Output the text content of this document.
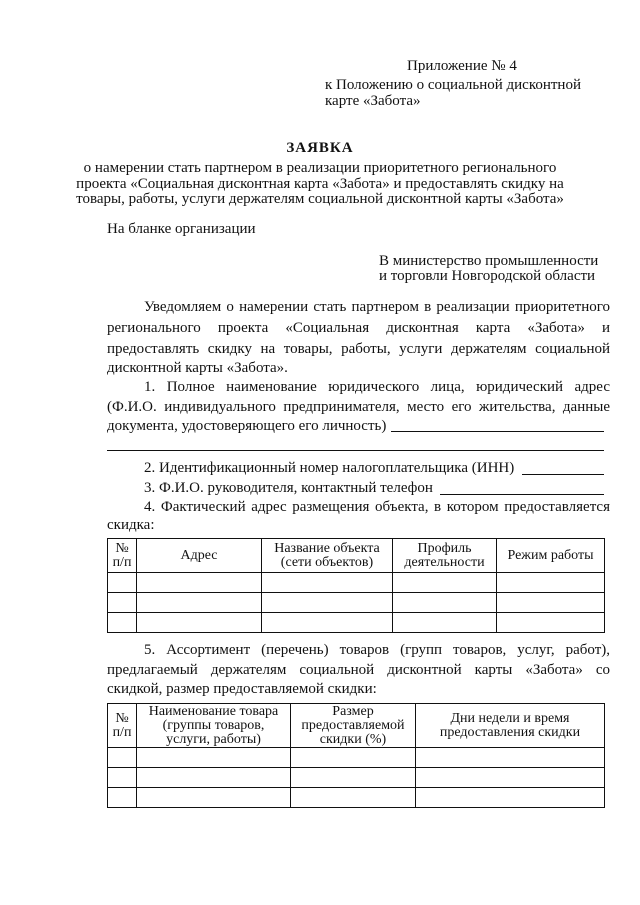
Приложение № 4

к Положению о социальной дисконтной

карте «Забота»

ЗАЯВКА

о намерении стать партнером в реализации приоритетного регионального

проекта «Социальная дисконтная карта «Забота» и предоставлять скидку на

товары, работы, услуги держателям социальной дисконтной карты «Забота»

На бланке организации

В министерство промышленности

и торговли Новгородской области

Уведомляем о намерении стать партнером в реализации приоритетного

регионального проекта «Социальная дисконтная карта «Забота» и

предоставлять скидку на товары, работы, услуги держателям социальной

дисконтной карты «Забота».

1. Полное наименование юридического лица, юридический адрес

(Ф.И.О. индивидуального предпринимателя, место его жительства, данные

документа, удостоверяющего его личность)

2. Идентификационный номер налогоплательщика (ИНН)

3. Ф.И.О. руководителя, контактный телефон

4. Фактический адрес размещения объекта, в котором предоставляется

скидка:

№ п/п	Адрес	Название объекта (сети объектов)	Профиль деятельности	Режим работы

5. Ассортимент (перечень) товаров (групп товаров, услуг, работ),

предлагаемый держателям социальной дисконтной карты «Забота» со

скидкой, размер предоставляемой скидки:

№ п/п	Наименование товара (группы товаров, услуги, работы)	Размер предоставляемой скидки (%)	Дни недели и время предоставления скидки
